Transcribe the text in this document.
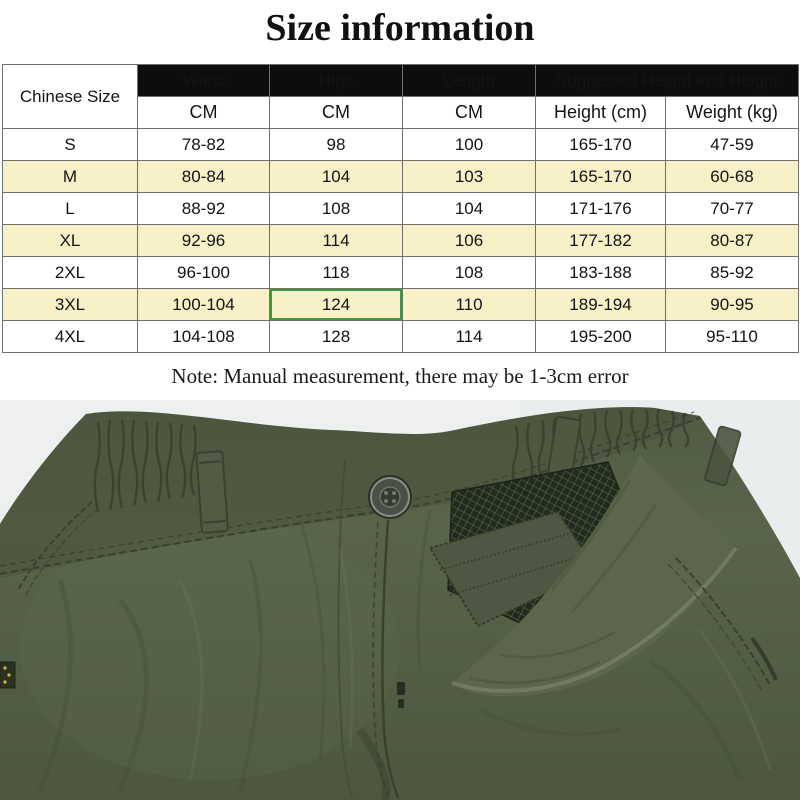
Size information
Chinese Size	Waist	Hips	Length	Suggested Height and Height	
	CM	CM	CM	Height (cm)	Weight (kg)
S	78-82	98	100	165-170	47-59
M	80-84	104	103	165-170	60-68
L	88-92	108	104	171-176	70-77
XL	92-96	114	106	177-182	80-87
2XL	96-100	118	108	183-188	85-92
3XL	100-104	124	110	189-194	90-95
4XL	104-108	128	114	195-200	95-110

Note: Manual measurement, there may be 1-3cm error
